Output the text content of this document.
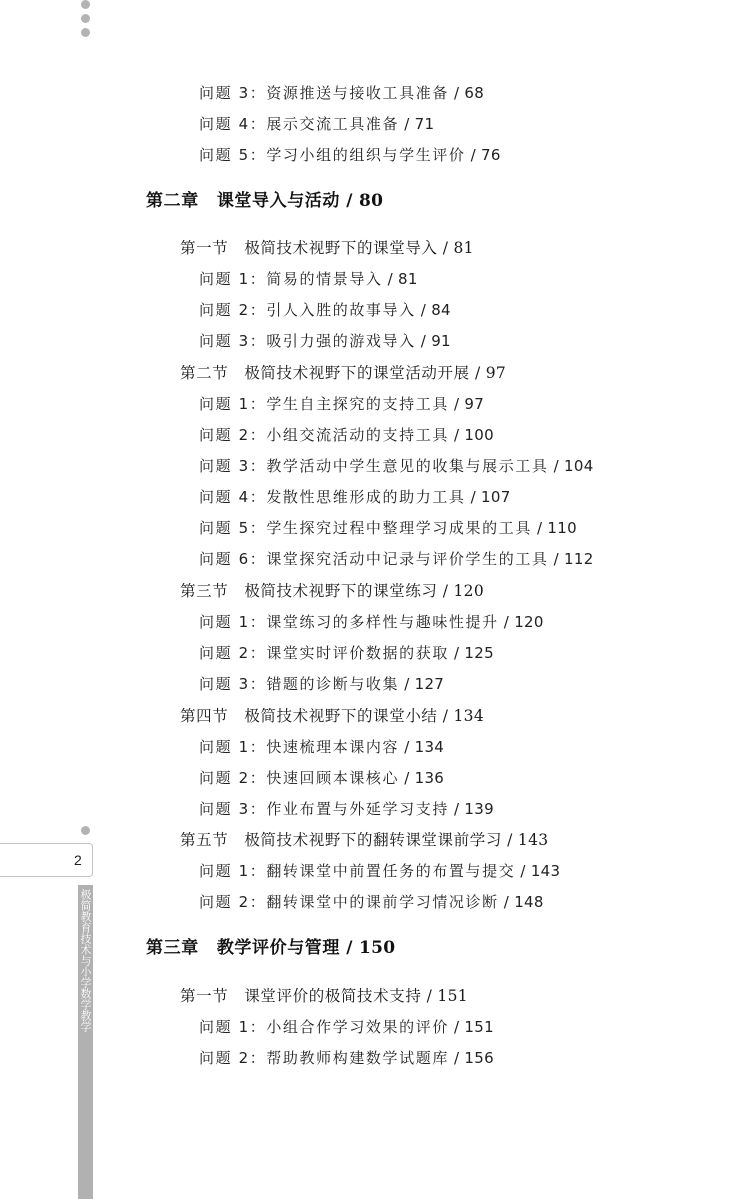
问题 3：资源推送与接收工具准备 / 68
问题 4：展示交流工具准备 / 71
问题 5：学习小组的组织与学生评价 / 76
第二章 课堂导入与活动 / 80
第一节 极简技术视野下的课堂导入 / 81
问题 1：简易的情景导入 / 81
问题 2：引人入胜的故事导入 / 84
问题 3：吸引力强的游戏导入 / 91
第二节 极简技术视野下的课堂活动开展 / 97
问题 1：学生自主探究的支持工具 / 97
问题 2：小组交流活动的支持工具 / 100
问题 3：教学活动中学生意见的收集与展示工具 / 104
问题 4：发散性思维形成的助力工具 / 107
问题 5：学生探究过程中整理学习成果的工具 / 110
问题 6：课堂探究活动中记录与评价学生的工具 / 112
第三节 极简技术视野下的课堂练习 / 120
问题 1：课堂练习的多样性与趣味性提升 / 120
问题 2：课堂实时评价数据的获取 / 125
问题 3：错题的诊断与收集 / 127
第四节 极简技术视野下的课堂小结 / 134
问题 1：快速梳理本课内容 / 134
问题 2：快速回顾本课核心 / 136
问题 3：作业布置与外延学习支持 / 139
第五节 极简技术视野下的翻转课堂课前学习 / 143
问题 1：翻转课堂中前置任务的布置与提交 / 143
问题 2：翻转课堂中的课前学习情况诊断 / 148
第三章 教学评价与管理 / 150
第一节 课堂评价的极简技术支持 / 151
问题 1：小组合作学习效果的评价 / 151
问题 2：帮助教师构建数学试题库 / 156
2
极简教育技术与小学数学教学
